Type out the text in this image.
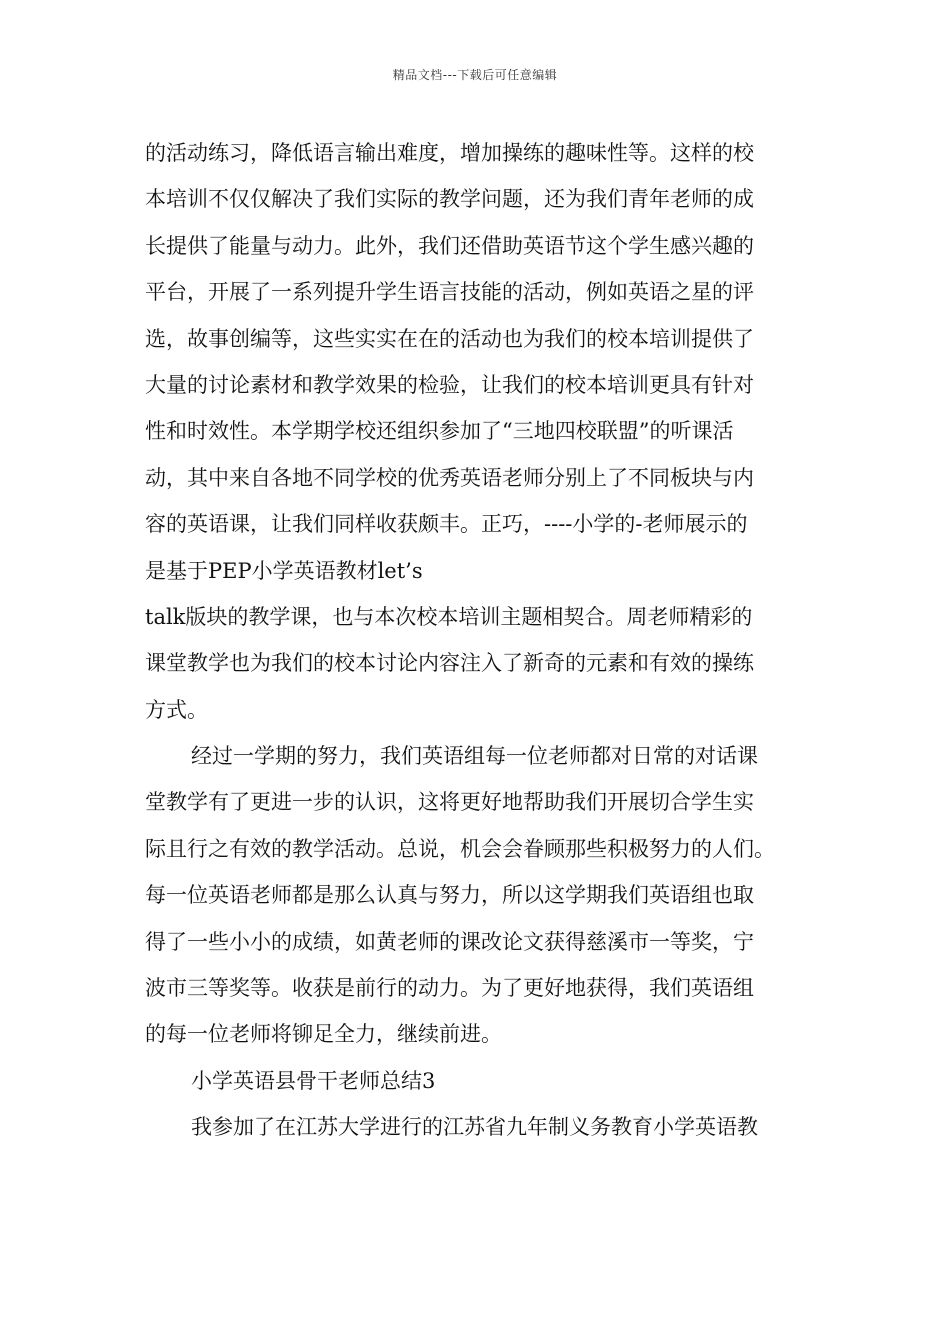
精品文档---下载后可任意编辑
的活动练习，降低语言输出难度，增加操练的趣味性等。这样的校
本培训不仅仅解决了我们实际的教学问题，还为我们青年老师的成
长提供了能量与动力。此外，我们还借助英语节这个学生感兴趣的
平台，开展了一系列提升学生语言技能的活动，例如英语之星的评
选，故事创编等，这些实实在在的活动也为我们的校本培训提供了
大量的讨论素材和教学效果的检验，让我们的校本培训更具有针对
性和时效性。本学期学校还组织参加了“三地四校联盟”的听课活
动，其中来自各地不同学校的优秀英语老师分别上了不同板块与内
容的英语课，让我们同样收获颇丰。正巧，----小学的-老师展示的
是基于PEP小学英语教材let’s
talk版块的教学课，也与本次校本培训主题相契合。周老师精彩的
课堂教学也为我们的校本讨论内容注入了新奇的元素和有效的操练
方式。
经过一学期的努力，我们英语组每一位老师都对日常的对话课
堂教学有了更进一步的认识，这将更好地帮助我们开展切合学生实
际且行之有效的教学活动。总说，机会会眷顾那些积极努力的人们。
每一位英语老师都是那么认真与努力，所以这学期我们英语组也取
得了一些小小的成绩，如黄老师的课改论文获得慈溪市一等奖，宁
波市三等奖等。收获是前行的动力。为了更好地获得，我们英语组
的每一位老师将铆足全力，继续前进。
小学英语县骨干老师总结3
我参加了在江苏大学进行的江苏省九年制义务教育小学英语教
